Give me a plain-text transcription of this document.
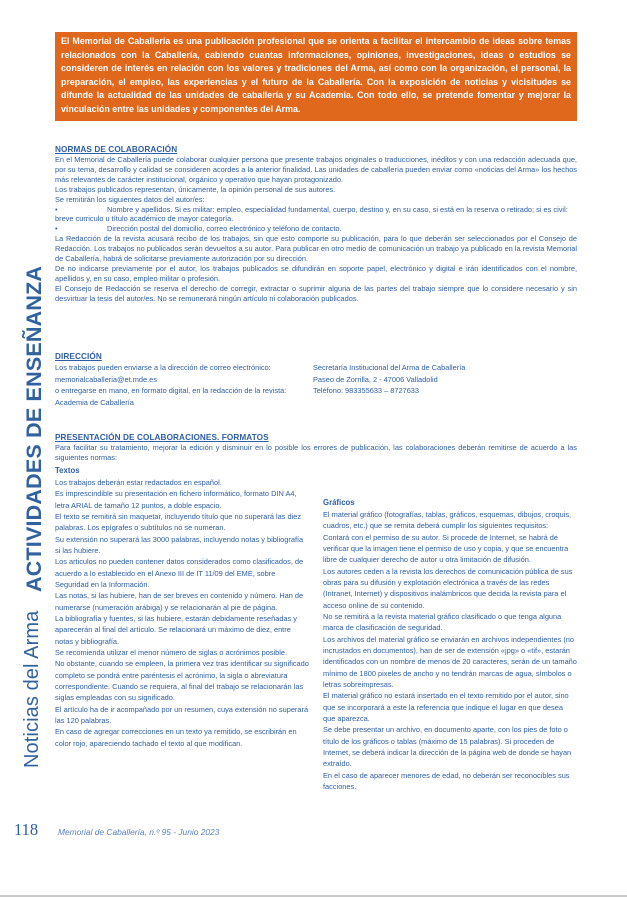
Noticias del Arma
ACTIVIDADES DE ENSEÑANZA

El Memorial de Caballería es una publicación profesional que se orienta a facilitar el intercambio de ideas sobre temas relacionados con la Caballería, cabiendo cuantas informaciones, opiniones, investigaciones, ideas o estudios se consideren de interés en relación con los valores y tradiciones del Arma, así como con la organización, el personal, la preparación, el empleo, las experiencias y el futuro de la Caballería. Con la exposición de noticias y vicisitudes se difunde la actualidad de las unidades de caballería y su Academia. Con todo ello, se pretende fomentar y mejorar la vinculación entre las unidades y componentes del Arma.

NORMAS DE COLABORACIÓN

En el Memorial de Caballería puede colaborar cualquier persona que presente trabajos originales o traducciones, inéditos y con una redacción adecuada que, por su tema, desarrollo y calidad se consideren acordes a la anterior finalidad. Las unidades de caballería pueden enviar como «noticias del Arma» los hechos más relevantes de carácter institucional, orgánico y operativo que hayan protagonizado.

Los trabajos publicados representan, únicamente, la opinión personal de sus autores.

Se remitirán los siguientes datos del autor/es:

•	Nombre y apellidos. Si es militar: empleo, especialidad fundamental, cuerpo, destino y, en su caso, si está en la reserva o retirado; si es civil: breve curriculo u título académico de mayor categoría.

•	Dirección postal del domicilio, correo electrónico y teléfono de contacto.

La Redacción de la revista acusará recibo de los trabajos, sin que esto comporte su publicación, para lo que deberán ser seleccionados por el Consejo de Redacción. Los trabajos no publicados serán devueltos a su autor. Para publicar en otro medio de comunicación un trabajo ya publicado en la revista Memorial de Caballería, habrá de solicitarse previamente autorización por su dirección.

De no indicarse previamente por el autor, los trabajos publicados se difundirán en soporte papel, electrónico y digital e irán identificados con el nombre, apellidos y, en su caso, empleo militar o profesión.

El Consejo de Redacción se reserva el derecho de corregir, extractar o suprimir alguna de las partes del trabajo siempre que lo considere necesario y sin desvirtuar la tesis del autor/es. No se remunerará ningún artículo ni colaboración publicados.

DIRECCIÓN
Los trabajos pueden enviarse a la dirección de correo electrónico:
memorialcaballeria@et.mde.es
o entregarse en mano, en formato digital, en la redacción de la revista:
Academia de Caballería
Secretaría Institucional del Arma de Caballería
Paseo de Zorrilla, 2 - 47006 Valladolid
Teléfono: 983355633 – 8727633
PRESENTACIÓN DE COLABORACIONES. FORMATOS

Para facilitar su tratamiento, mejorar la edición y disminuir en lo posible los errores de publicación, las colaboraciones deberán remitirse de acuerdo a las siguientes normas:

Textos

Los trabajos deberán estar redactados en español.

Es imprescindible su presentación en fichero informático, formato DIN A4, letra ARIAL de tamaño 12 puntos, a doble espacio.

El texto se remitirá sin maquetar, incluyendo título que no superará las diez palabras. Los epígrafes o subtítulos no se numeran.

Su extensión no superará las 3000 palabras, incluyendo notas y bibliografía si las hubiere.

Los articulos no pueden contener datos considerados como clasificados, de acuerdo a lo establecido en el Anexo III de IT 11/09 del EME, sobre Seguridad en la Información.

Las notas, si las hubiere, han de ser breves en contenido y número. Han de numerarse (numeración arábiga) y se relacionarán al pie de página.

La bibliografía y fuentes, si las hubiere, estarán debidamente reseñadas y aparecerán al final del artículo. Se relacionará un máximo de diez, entre notas y bibliografía.

Se recomienda utilizar el menor número de siglas o acrónimos posible.

No obstante, cuando se empleen, la primera vez tras identificar su significado completo se pondrá entre paréntesis el acrónimo, la sigla o abreviatura correspondiente. Cuando se requiera, al final del trabajo se relacionarán las siglas empleadas con su significado.

El artículo ha de ir acompañado por un resumen, cuya extensión no superará las 120 palabras.

En caso de agregar correcciones en un texto ya remitido, se escribirán en color rojo, apareciendo tachado el texto al que modifican.

Gráficos

El material gráfico (fotografías, tablas, gráficos, esquemas, dibujos, croquis, cuadros, etc.) que se remita deberá cumplir los siguientes requisitos:

Contará con el permiso de su autor. Si procede de Internet, se habrá de verificar que la imagen tiene el permiso de uso y copia, y que se encuentra libre de cualquier derecho de autor u otra limitación de difusión.

Los autores ceden a la revista los derechos de comunicación pública de sus obras para su difusión y explotación electrónica a través de las redes (Intranet, Internet) y dispositivos inalámbricos que decida la revista para el acceso online de su contenido.

No se remitirá a la revista material gráfico clasificado o que tenga alguna marca de clasificación de seguridad.

Los archivos del material gráfico se enviarán en archivos independientes (no incrustados en documentos), han de ser de extensión «jpg» o «tif», estarán identificados con un nombre de menos de 20 caracteres, serán de un tamaño mínimo de 1800 pixeles de ancho y no tendrán marcas de agua, símbolos o letras sobreimpresas.

El material gráfico no estará insertado en el texto remitido por el autor, sino que se incorporará a este la referencia que indique el lugar en que desea que aparezca.

Se debe presentar un archivo, en documento aparte, con los pies de foto o título de los gráficos o tablas (máximo de 15 palabras). Si proceden de Internet, se deberá indicar la dirección de la página web de donde se hayan extraído.

En el caso de aparecer menores de edad, no deberán ser reconocibles sus facciones.

118	Memorial de Caballería, n.º 95 - Junio 2023
